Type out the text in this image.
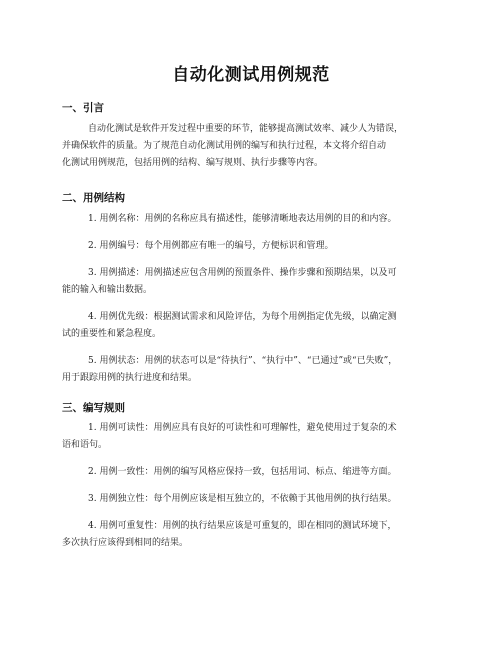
自动化测试用例规范
一、引言

自动化测试是软件开发过程中重要的环节，能够提高测试效率、减少人为错误，
并确保软件的质量。为了规范自动化测试用例的编写和执行过程，本文将介绍自动
化测试用例规范，包括用例的结构、编写规则、执行步骤等内容。

二、用例结构

1. 用例名称：用例的名称应具有描述性，能够清晰地表达用例的目的和内容。

2. 用例编号：每个用例都应有唯一的编号，方便标识和管理。

3. 用例描述：用例描述应包含用例的预置条件、操作步骤和预期结果，以及可
能的输入和输出数据。

4. 用例优先级：根据测试需求和风险评估，为每个用例指定优先级，以确定测
试的重要性和紧急程度。

5. 用例状态：用例的状态可以是“待执行”、“执行中”、“已通过”或“已失败”，
用于跟踪用例的执行进度和结果。

三、编写规则

1. 用例可读性：用例应具有良好的可读性和可理解性，避免使用过于复杂的术
语和语句。

2. 用例一致性：用例的编写风格应保持一致，包括用词、标点、缩进等方面。

3. 用例独立性：每个用例应该是相互独立的，不依赖于其他用例的执行结果。

4. 用例可重复性：用例的执行结果应该是可重复的，即在相同的测试环境下，
多次执行应该得到相同的结果。
